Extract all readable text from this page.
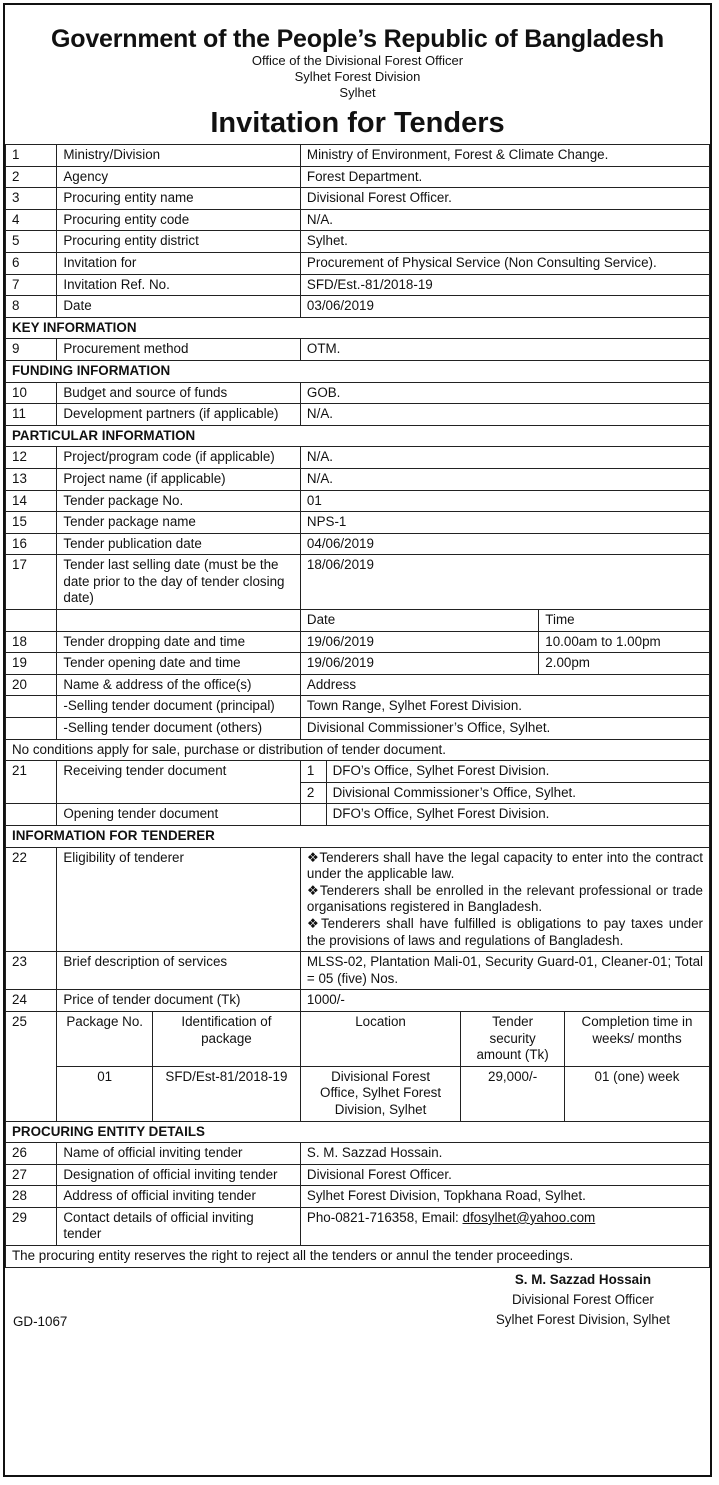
Government of the People’s Republic of Bangladesh
Office of the Divisional Forest Officer
Sylhet Forest Division
Sylhet
Invitation for Tenders
1	Ministry/Division		Ministry of Environment, Forest & Climate Change.				
2	Agency		Forest Department.				
3	Procuring entity name		Divisional Forest Officer.				
4	Procuring entity code		N/A.				
5	Procuring entity district		Sylhet.				
6	Invitation for		Procurement of Physical Service (Non Consulting Service).				
7	Invitation Ref. No.		SFD/Est.-81/2018-19				
8	Date		03/06/2019				
KEY INFORMATION							
9	Procurement method		OTM.				
FUNDING INFORMATION							
10	Budget and source of funds		GOB.				
11	Development partners (if applicable)		N/A.				
PARTICULAR INFORMATION							
12	Project/program code (if applicable)		N/A.				
13	Project name (if applicable)		N/A.				
14	Tender package No.		01				
15	Tender package name		NPS-1				
16	Tender publication date		04/06/2019				
17	Tender last selling date (must be the date prior to the day of tender closing date)		18/06/2019				
			Date			Time	
18	Tender dropping date and time		19/06/2019			10.00am to 1.00pm	
19	Tender opening date and time		19/06/2019			2.00pm	
20	Name & address of the office(s)		Address				
	-Selling tender document (principal)		Town Range, Sylhet Forest Division.				
	-Selling tender document (others)		Divisional Commissioner’s Office, Sylhet.				
No conditions apply for sale, purchase or distribution of tender document.							
21	Receiving tender document		1	DFO’s Office, Sylhet Forest Division.			
			2	Divisional Commissioner’s Office, Sylhet.			
	Opening tender document			DFO’s Office, Sylhet Forest Division.			
INFORMATION FOR TENDERER							
22	Eligibility of tenderer		❖Tenderers shall have the legal capacity to enter into the contract under the applicable law.
❖Tenderers shall be enrolled in the relevant professional or trade organisations registered in Bangladesh.
❖Tenderers shall have fulfilled is obligations to pay taxes under the provisions of laws and regulations of Bangladesh.				

23	Brief description of services		MLSS-02, Plantation Mali-01, Security Guard-01, Cleaner-01; Total = 05 (five) Nos.				
24	Price of tender document (Tk)		1000/-				
25	Package No.	Identification of package	Location		Tender security amount (Tk)		Completion time in weeks/ months
	01	SFD/Est-81/2018-19	Divisional Forest Office, Sylhet Forest Division, Sylhet		29,000/-		01 (one) week
PROCURING ENTITY DETAILS							
26	Name of official inviting tender		S. M. Sazzad Hossain.				
27	Designation of official inviting tender		Divisional Forest Officer.				
28	Address of official inviting tender		Sylhet Forest Division, Topkhana Road, Sylhet.				
29	Contact details of official inviting tender		Pho-0821-716358, Email: dfosylhet@yahoo.com				
The procuring entity reserves the right to reject all the tenders or annul the tender proceedings.							
S. M. Sazzad Hossain
Divisional Forest Officer
Sylhet Forest Division, Sylhet
GD-1067
